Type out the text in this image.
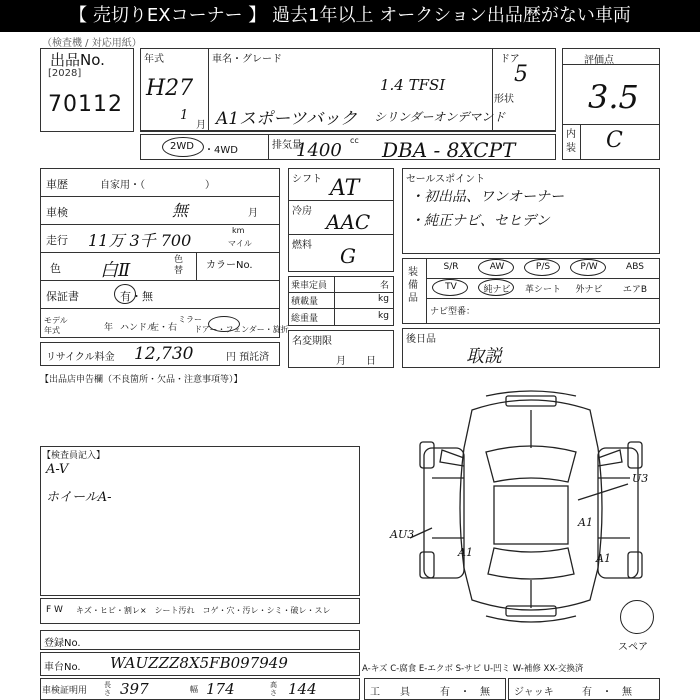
【 売切りEXコーナー 】 過去1年以上 オークション出品歴がない車両
（検査機 / 対応用紙）
出品No.
[2028]
70112
年式
H27
1
月
車名・グレード
1.4 TFSI
A1スポーツバック シリンダーオンデマンド
ドア
5
形状
評価点
3.5
内装 C
2WD ・4WD	排気量	cc
1400 DBA - 8XCPT
車歴	自家用・（　　　　　　）
車検	無	月
走行 11万 3千 700
km
マイル
色 白Ⅱ	色替 カラーNo.
保証書	有・無
モデル年式	年 ハンドル
左・右
ミラー
ドアー・フェンダー・旋折
リサイクル料金 12,730	円 預託済
【出品店申告欄（不良箇所・欠品・注意事項等）】
シフト AT
冷房 AAC
燃料 G
乗車定員	名
積載量	kg
総重量	kg
名変期限
月　　日
セールスポイント
・初出品、ワンオーナー
・純正ナビ、セヒデン
装備品
S/R	AW	P/S	P/W	ABS
TV	純ナビ	革シート	外ナビ	エアB
ナビ型番：
後日品
取説
【検査員記入】
A-V
ホイールA-
U3
A1
AU3
A1	A1
スペア
F W キズ・ヒビ・割レ×　シート汚れ　コゲ・穴・汚レ・シミ・破レ・スレ
登録No.
車台No. WAUZZZ8X5FB097949	A-キズ C-腐食 E-エクボ S-サビ U-凹ミ W-補修 XX-交換済
車検証明用
長さ 397	幅 174	高さ 144	工　　具	有　・　無 ジャッキ	有　・　無
